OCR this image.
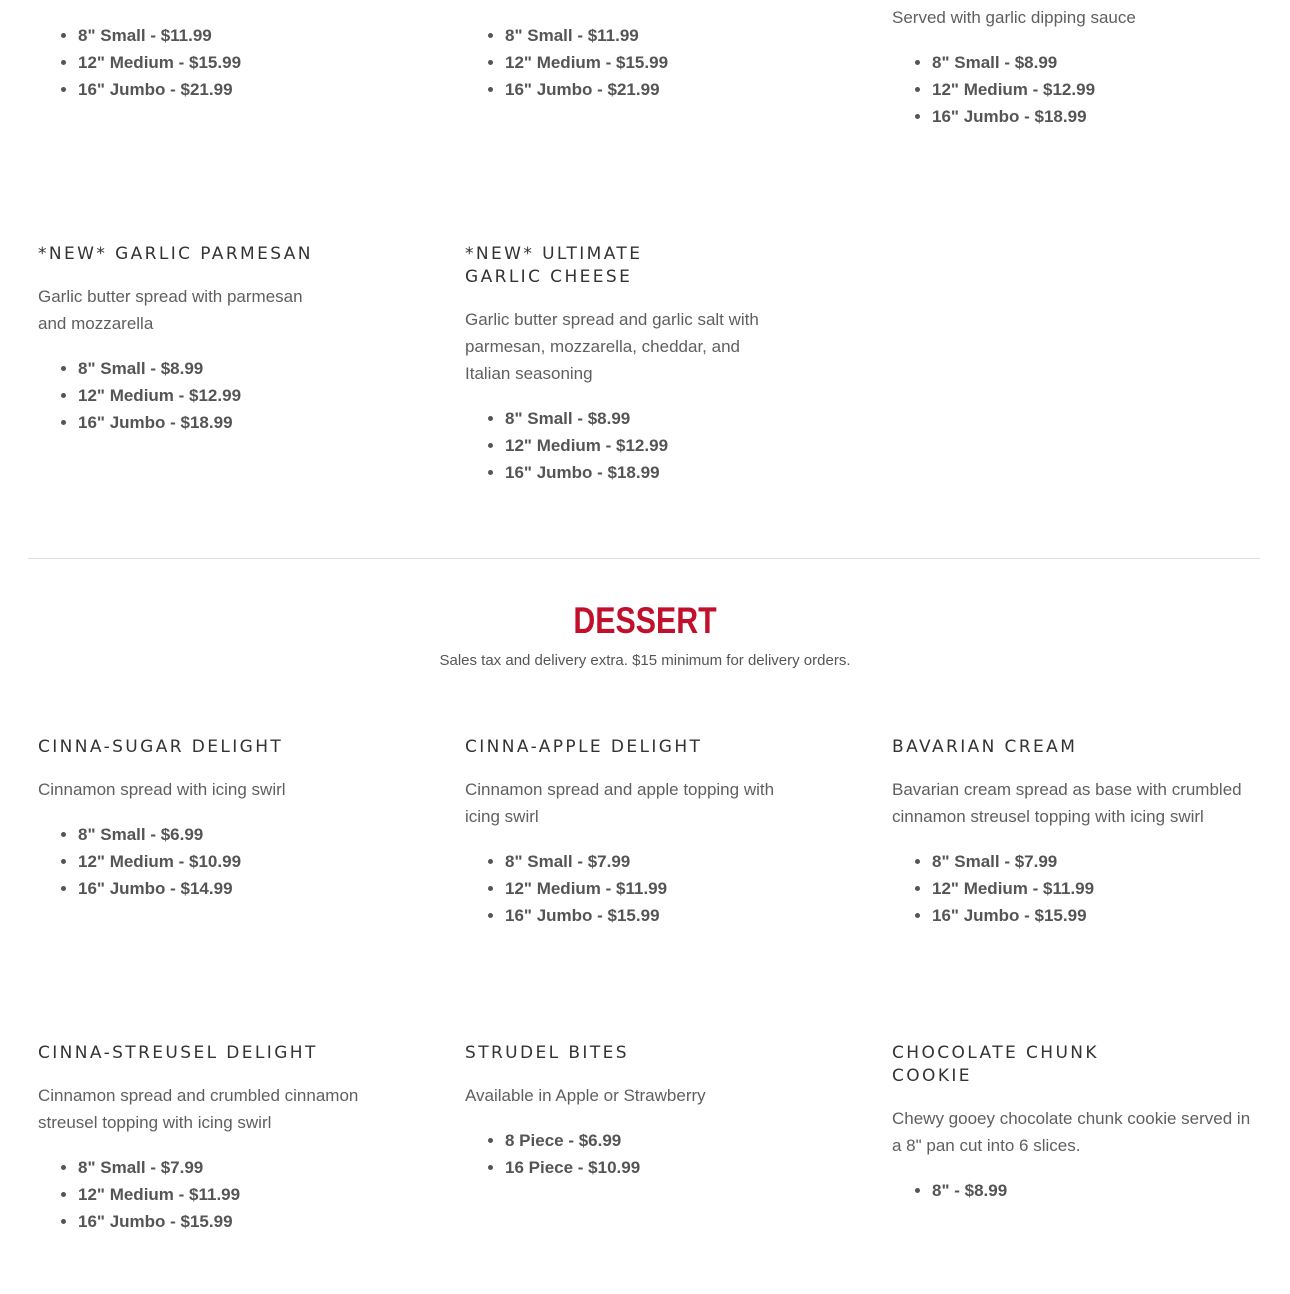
• 8" Small - $11.99
• 12" Medium - $15.99
• 16" Jumbo - $21.99
• 8" Small - $11.99
• 12" Medium - $15.99
• 16" Jumbo - $21.99

Served with garlic dipping sauce

• 8" Small - $8.99
• 12" Medium - $12.99
• 16" Jumbo - $18.99
*NEW* GARLIC PARMESAN

Garlic butter spread with parmesan and mozzarella

• 8" Small - $8.99
• 12" Medium - $12.99
• 16" Jumbo - $18.99
*NEW* ULTIMATE GARLIC CHEESE

Garlic butter spread and garlic salt with parmesan, mozzarella, cheddar, and Italian seasoning

• 8" Small - $8.99
• 12" Medium - $12.99
• 16" Jumbo - $18.99
DESSERT

Sales tax and delivery extra. $15 minimum for delivery orders.

CINNA-SUGAR DELIGHT

Cinnamon spread with icing swirl

• 8" Small - $6.99
• 12" Medium - $10.99
• 16" Jumbo - $14.99
CINNA-APPLE DELIGHT

Cinnamon spread and apple topping with icing swirl

• 8" Small - $7.99
• 12" Medium - $11.99
• 16" Jumbo - $15.99
BAVARIAN CREAM

Bavarian cream spread as base with crumbled cinnamon streusel topping with icing swirl

• 8" Small - $7.99
• 12" Medium - $11.99
• 16" Jumbo - $15.99
CINNA-STREUSEL DELIGHT

Cinnamon spread and crumbled cinnamon streusel topping with icing swirl

• 8" Small - $7.99
• 12" Medium - $11.99
• 16" Jumbo - $15.99
STRUDEL BITES

Available in Apple or Strawberry

• 8 Piece - $6.99
• 16 Piece - $10.99
CHOCOLATE CHUNK COOKIE

Chewy gooey chocolate chunk cookie served in a 8" pan cut into 6 slices.

• 8" - $8.99
